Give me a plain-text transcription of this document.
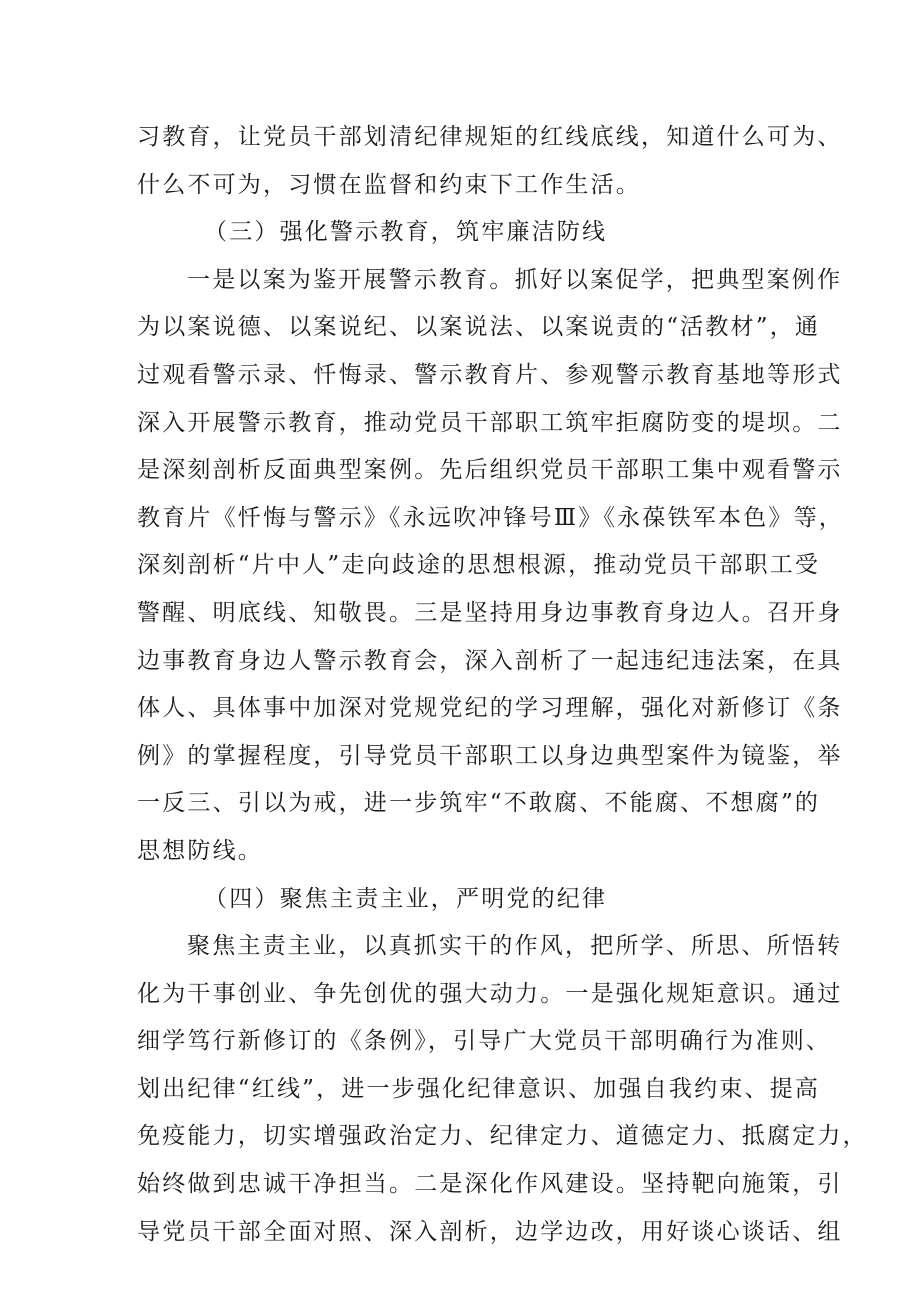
习教育，让党员干部划清纪律规矩的红线底线，知道什么可为、
什么不可为，习惯在监督和约束下工作生活。
（三）强化警示教育，筑牢廉洁防线
一是以案为鉴开展警示教育。抓好以案促学，把典型案例作
为以案说德、以案说纪、以案说法、以案说责的“活教材”，通
过观看警示录、忏悔录、警示教育片、参观警示教育基地等形式
深入开展警示教育，推动党员干部职工筑牢拒腐防变的堤坝。二
是深刻剖析反面典型案例。先后组织党员干部职工集中观看警示
教育片《忏悔与警示》《永远吹冲锋号Ⅲ》《永葆铁军本色》等，
深刻剖析“片中人”走向歧途的思想根源，推动党员干部职工受
警醒、明底线、知敬畏。三是坚持用身边事教育身边人。召开身
边事教育身边人警示教育会，深入剖析了一起违纪违法案，在具
体人、具体事中加深对党规党纪的学习理解，强化对新修订《条
例》的掌握程度，引导党员干部职工以身边典型案件为镜鉴，举
一反三、引以为戒，进一步筑牢“不敢腐、不能腐、不想腐”的
思想防线。
（四）聚焦主责主业，严明党的纪律
聚焦主责主业，以真抓实干的作风，把所学、所思、所悟转
化为干事创业、争先创优的强大动力。一是强化规矩意识。通过
细学笃行新修订的《条例》，引导广大党员干部明确行为准则、
划出纪律“红线”，进一步强化纪律意识、加强自我约束、提高
免疫能力，切实增强政治定力、纪律定力、道德定力、抵腐定力，
始终做到忠诚干净担当。二是深化作风建设。坚持靶向施策，引
导党员干部全面对照、深入剖析，边学边改，用好谈心谈话、组
